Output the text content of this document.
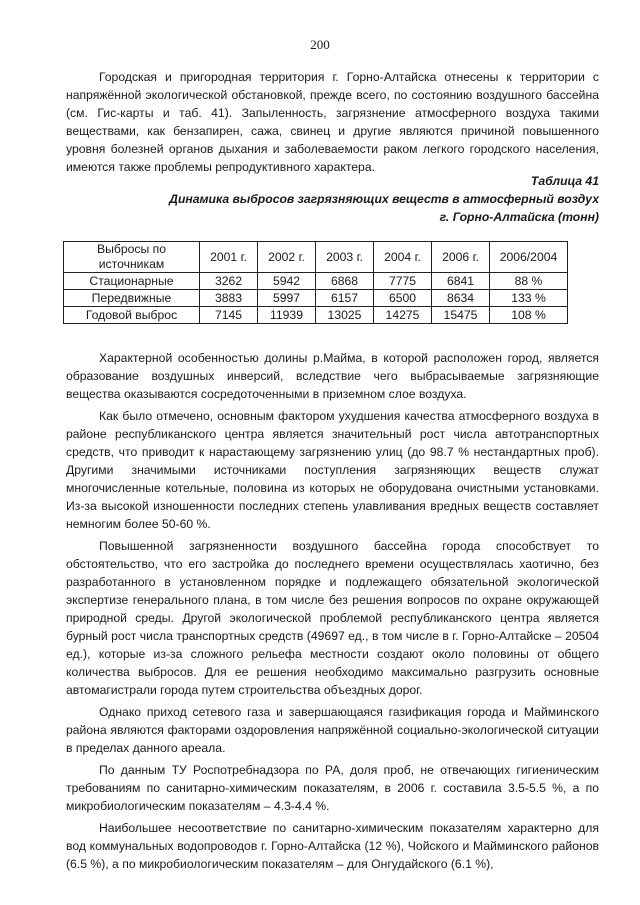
200

Городская и пригородная территория г. Горно-Алтайска отнесены к территории с напряжённой экологической обстановкой, прежде всего, по состоянию воздушного бассейна (см. Гис-карты и таб. 41). Запыленность, загрязнение атмосферного воздуха такими веществами, как бензапирен, сажа, свинец и другие являются причиной повышенного уровня болезней органов дыхания и заболеваемости раком легкого городского населения, имеются также проблемы репродуктивного характера.

Таблица 41
Динамика выбросов загрязняющих веществ в атмосферный воздух
г. Горно-Алтайска (тонн)
Выбросы по источникам	2001 г.	2002 г.	2003 г.	2004 г.	2006 г.	2006/2004
Стационарные	3262	5942	6868	7775	6841	88 %
Передвижные	3883	5997	6157	6500	8634	133 %
Годовой выброс	7145	11939	13025	14275	15475	108 %

Характерной особенностью долины р.Майма, в которой расположен город, является образование воздушных инверсий, вследствие чего выбрасываемые загрязняющие вещества оказываются сосредоточенными в приземном слое воздуха.

Как было отмечено, основным фактором ухудшения качества атмосферного воздуха в районе республиканского центра является значительный рост числа автотранспортных средств, что приводит к нарастающему загрязнению улиц (до 98.7 % нестандартных проб). Другими значимыми источниками поступления загрязняющих веществ служат многочисленные котельные, половина из которых не оборудована очистными установками. Из-за высокой изношенности последних степень улавливания вредных веществ составляет немногим более 50-60 %.

Повышенной загрязненности воздушного бассейна города способствует то обстоятельство, что его застройка до последнего времени осуществлялась хаотично, без разработанного в установленном порядке и подлежащего обязательной экологической экспертизе генерального плана, в том числе без решения вопросов по охране окружающей природной среды. Другой экологической проблемой республиканского центра является бурный рост числа транспортных средств (49697 ед., в том числе в г. Горно-Алтайске – 20504 ед.), которые из-за сложного рельефа местности создают около половины от общего количества выбросов. Для ее решения необходимо максимально разгрузить основные автомагистрали города путем строительства объездных дорог.

Однако приход сетевого газа и завершающаяся газификация города и Майминского района являются факторами оздоровления напряжённой социально-экологической ситуации в пределах данного ареала.

По данным ТУ Роспотребнадзора по РА, доля проб, не отвечающих гигиеническим требованиям по санитарно-химическим показателям, в 2006 г. составила 3.5-5.5 %, а по микробиологическим показателям – 4.3-4.4 %.

Наибольшее несоответствие по санитарно-химическим показателям характерно для вод коммунальных водопроводов г. Горно-Алтайска (12 %), Чойского и Майминского районов (6.5 %), а по микробиологическим показателям – для Онгудайского (6.1 %),
